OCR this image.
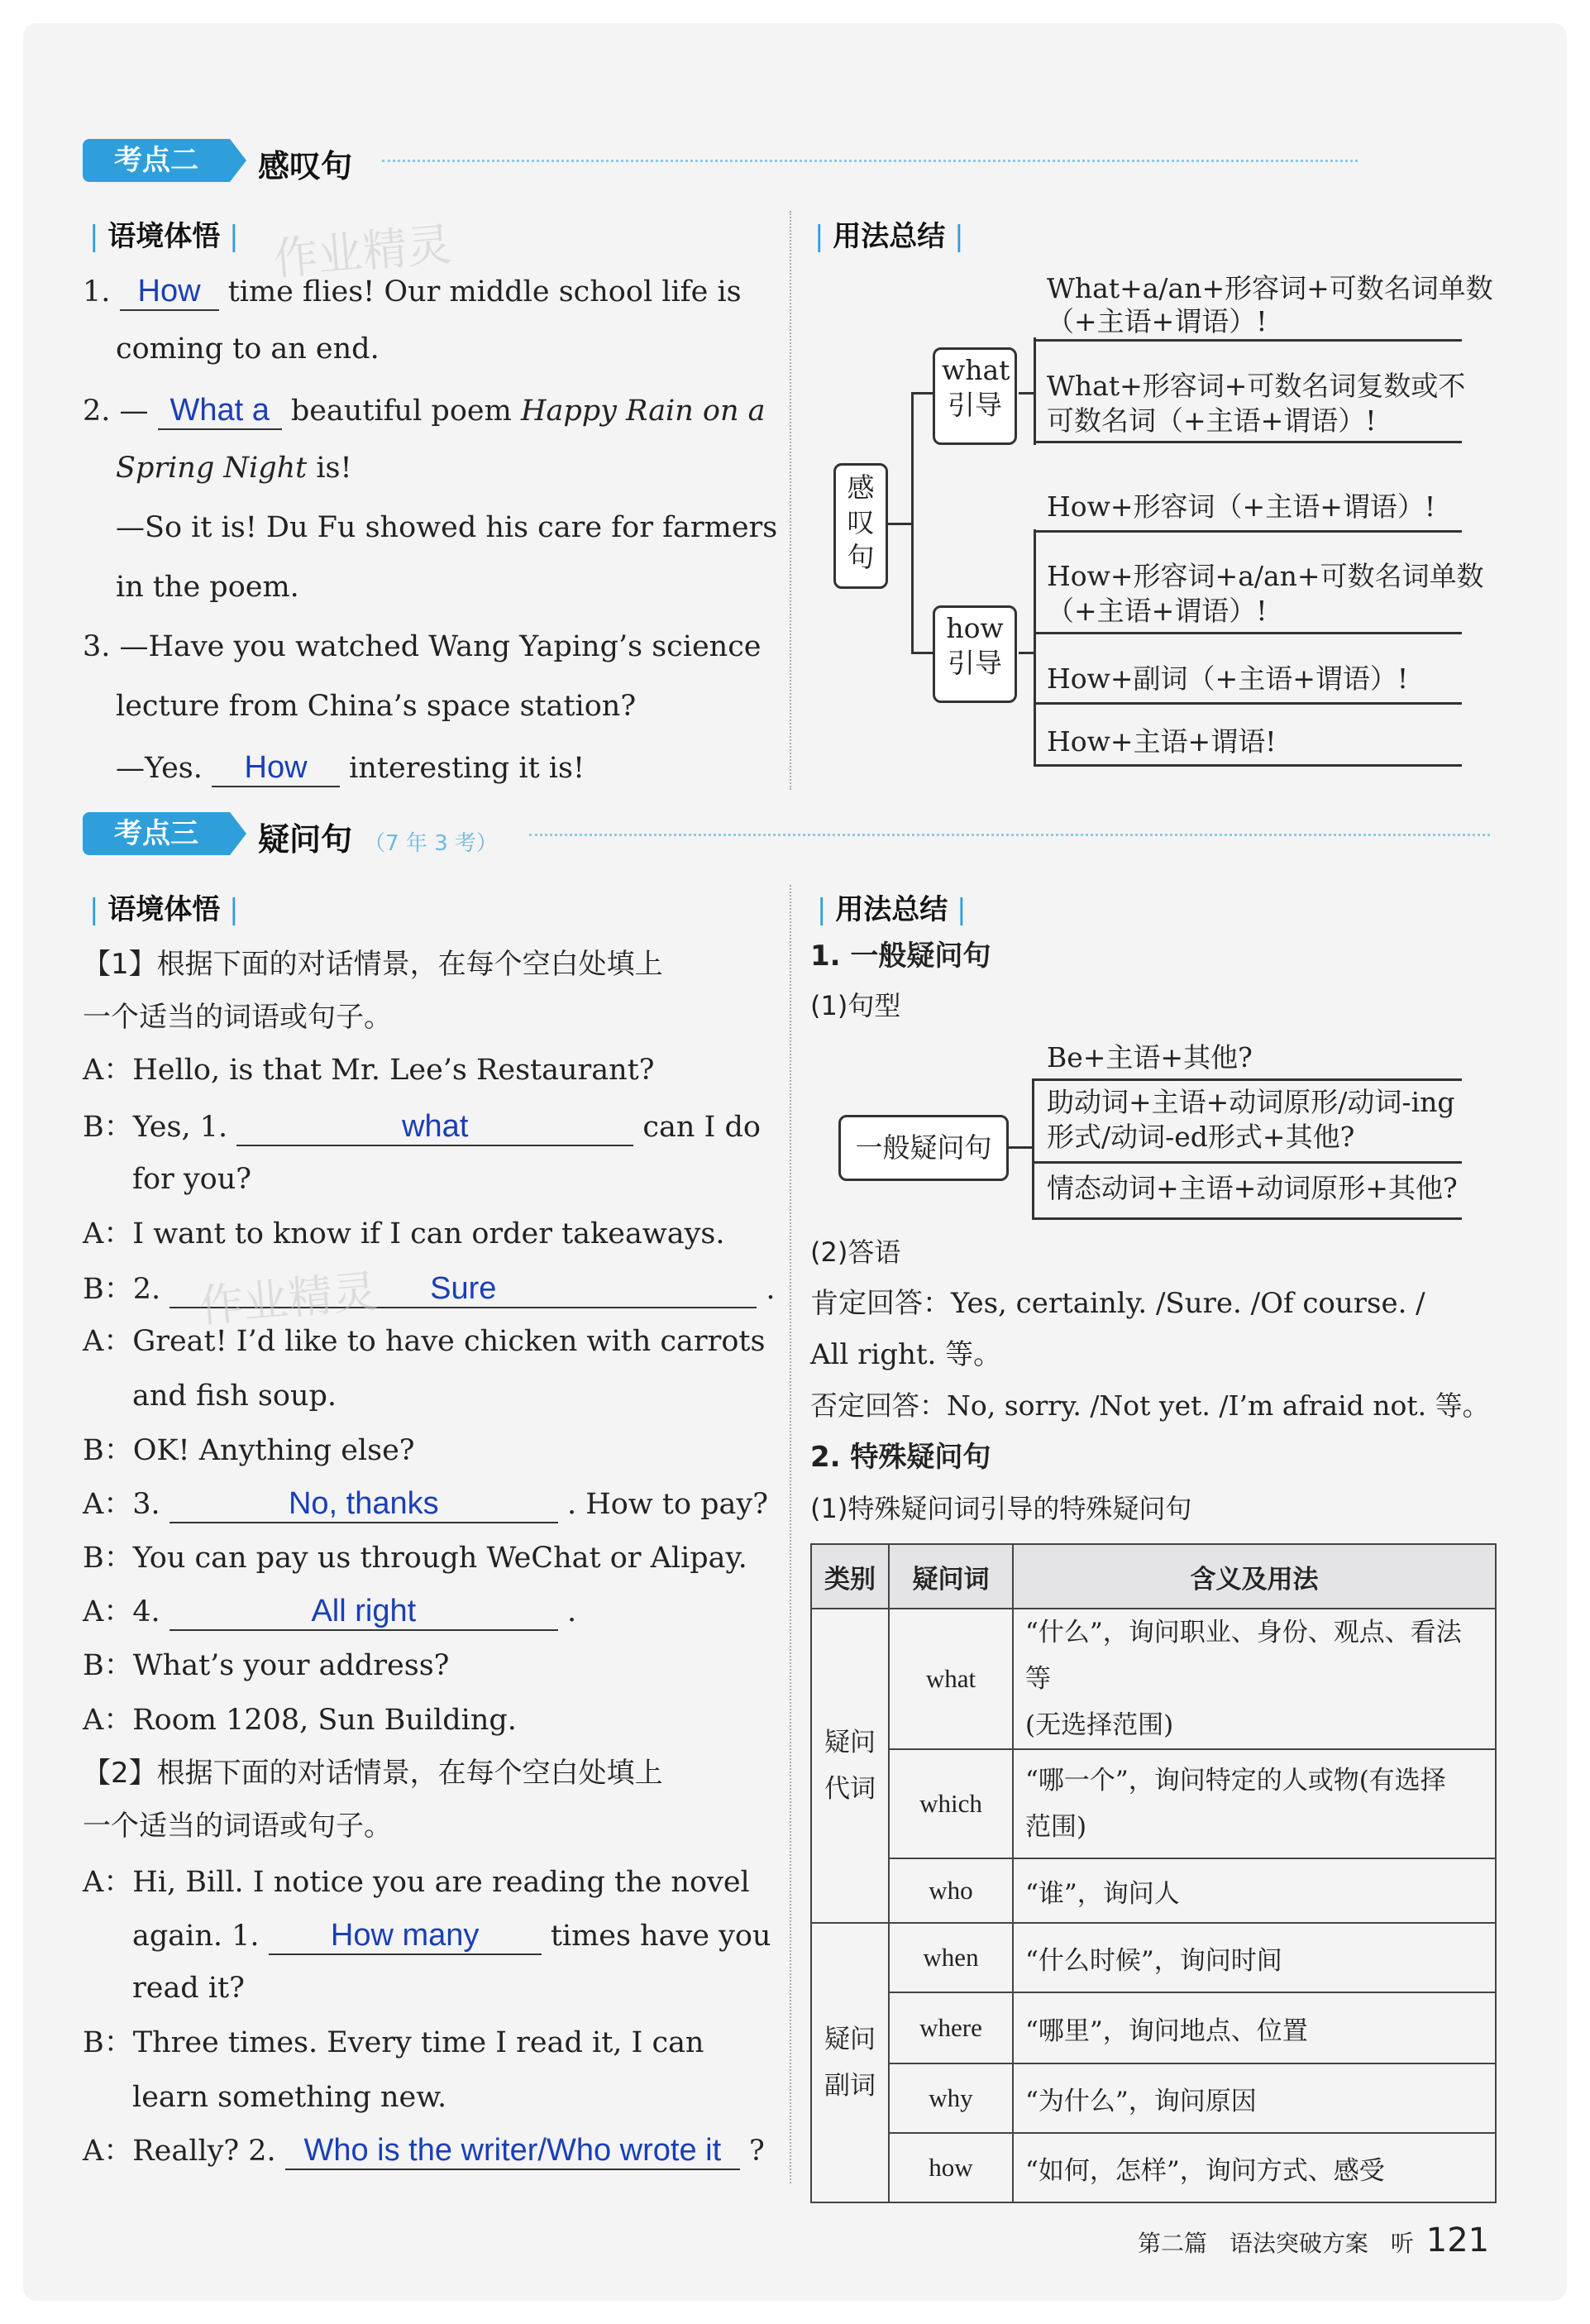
考点二	感叹句
| 语境体悟 | 作业精灵
1. How time flies! Our middle school life is
coming to an end.
2. — What a beautiful poem Happy Rain on a
Spring Night is!
—So it is! Du Fu showed his care for farmers
in the poem.
3. —Have you watched Wang Yaping’s science
lecture from China’s space station?
—Yes. How interesting it is!
| 用法总结 |
感叹句
what引导
how引导
What+a/an+形容词+可数名词单数
（+主语+谓语）!
What+形容词+可数名词复数或不
可数名词（+主语+谓语）!
How+形容词（+主语+谓语）!
How+形容词+a/an+可数名词单数
（+主语+谓语）!
How+副词（+主语+谓语）!
How+主语+谓语!
考点三	疑问句 （7 年 3 考）
| 语境体悟 |	| 用法总结 |
【1】根据下面的对话情景，在每个空白处填上
一个适当的词语或句子。
A：Hello, is that Mr. Lee’s Restaurant?
B：Yes, 1.	what	can I do
for you?
A：I want to know if I can order takeaways.
B：2.	Sure	.
作业精灵
A：Great! I’d like to have chicken with carrots
and fish soup.
B：OK! Anything else?
A：3.	No, thanks	. How to pay?
B：You can pay us through WeChat or Alipay.
A：4.	All right	.
B：What’s your address?
A：Room 1208, Sun Building.
【2】根据下面的对话情景，在每个空白处填上
一个适当的词语或句子。
A：Hi, Bill. I notice you are reading the novel
again. 1. How many times have you
read it?
B：Three times. Every time I read it, I can
learn something new.
A：Really? 2. Who is the writer/Who wrote it ?
1. 一般疑问句
(1)句型
一般疑问句
Be+主语+其他?
助动词+主语+动词原形/动词-ing
形式/动词-ed形式+其他?
情态动词+主语+动词原形+其他?
(2)答语
肯定回答：Yes, certainly. /Sure. /Of course. /
All right. 等。
否定回答：No, sorry. /Not yet. /I’m afraid not. 等。
2. 特殊疑问句
(1)特殊疑问词引导的特殊疑问句
类别	疑问词	含义及用法

疑问代词	what	“什么”，询问职业、身份、观点、看法等
(无选择范围)
	which	“哪一个”，询问特定的人或物(有选择
范围)
	who	“谁”，询问人

疑问副词	when	“什么时候”，询问时间
	where	“哪里”，询问地点、位置
	why	“为什么”，询问原因
	how	“如何，怎样”，询问方式、感受
第二篇 语法突破方案 听 121
